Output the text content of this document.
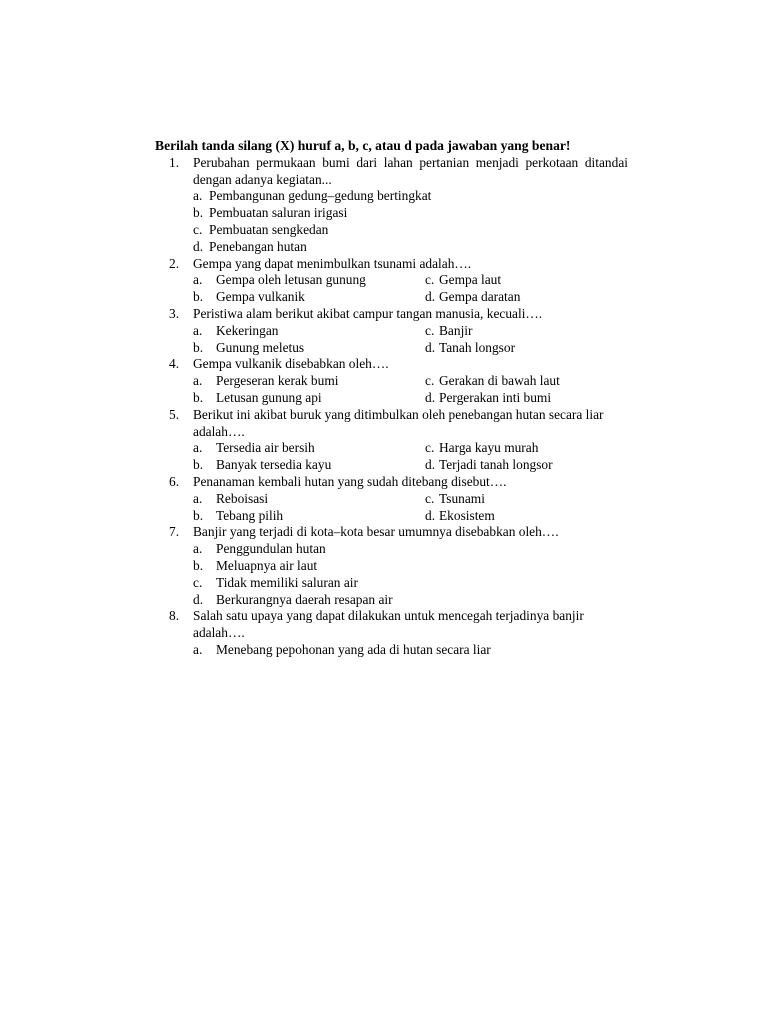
Berilah tanda silang (X) huruf a, b, c, atau d pada jawaban yang benar!
1. Perubahan permukaan bumi dari lahan pertanian menjadi perkotaan ditandai dengan adanya kegiatan...
a. Pembangunan gedung–gedung bertingkat
b. Pembuatan saluran irigasi
c. Pembuatan sengkedan
d. Penebangan hutan
2. Gempa yang dapat menimbulkan tsunami adalah….
a. Gempa oleh letusan gunung	c. Gempa laut
b. Gempa vulkanik	d. Gempa daratan
3. Peristiwa alam berikut akibat campur tangan manusia, kecuali….
a. Kekeringan	c. Banjir
b. Gunung meletus	d. Tanah longsor
4. Gempa vulkanik disebabkan oleh….
a. Pergeseran kerak bumi	c. Gerakan di bawah laut
b. Letusan gunung api	d. Pergerakan inti bumi
5. Berikut ini akibat buruk yang ditimbulkan oleh penebangan hutan secara liar adalah….
a. Tersedia air bersih	c. Harga kayu murah
b. Banyak tersedia kayu	d. Terjadi tanah longsor
6. Penanaman kembali hutan yang sudah ditebang disebut….
a. Reboisasi	c. Tsunami
b. Tebang pilih	d. Ekosistem
7. Banjir yang terjadi di kota–kota besar umumnya disebabkan oleh….
a. Penggundulan hutan
b. Meluapnya air laut
c. Tidak memiliki saluran air
d. Berkurangnya daerah resapan air
8. Salah satu upaya yang dapat dilakukan untuk mencegah terjadinya banjir adalah….
a. Menebang pepohonan yang ada di hutan secara liar
